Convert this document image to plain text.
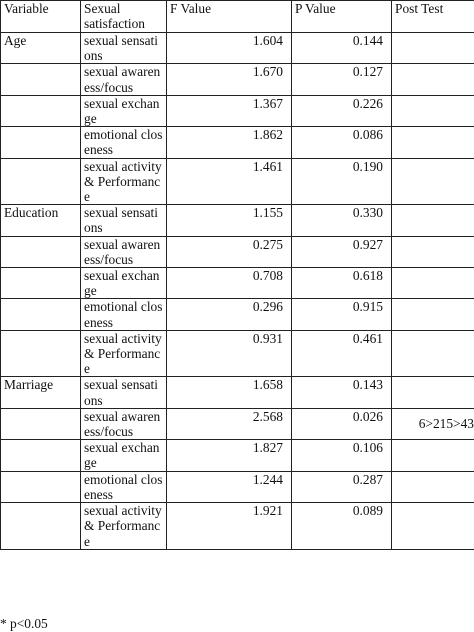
Variable	Sexual satisfaction	F Value	P Value	Post Test
Age	sexual sensations	1.604	0.144	
	sexual awareness/focus	1.670	0.127	
	sexual exchange	1.367	0.226	
	emotional closeness	1.862	0.086	
	sexual activity & Performance	1.461	0.190	
Education	sexual sensations	1.155	0.330	
	sexual awareness/focus	0.275	0.927	
	sexual exchange	0.708	0.618	
	emotional closeness	0.296	0.915	
	sexual activity & Performance	0.931	0.461	
Marriage	sexual sensations	1.658	0.143	
	sexual awareness/focus	2.568	0.026	6>215>43
	sexual exchange	1.827	0.106	
	emotional closeness	1.244	0.287	
	sexual activity & Performance	1.921	0.089	
* p<0.05
